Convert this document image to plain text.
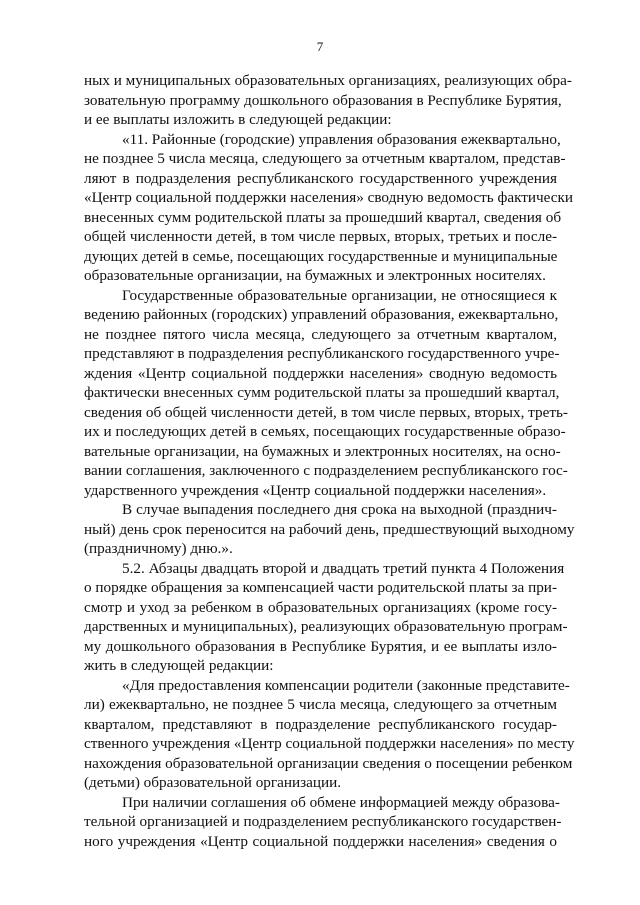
7
ных и муниципальных образовательных организациях, реализующих обра-
зовательную программу дошкольного образования в Республике Бурятия,
и ее выплаты изложить в следующей редакции:
«11. Районные (городские) управления образования ежеквартально,
не позднее 5 числа месяца, следующего за отчетным кварталом, представ-
ляют в подразделения республиканского государственного учреждения
«Центр социальной поддержки населения» сводную ведомость фактически
внесенных сумм родительской платы за прошедший квартал, сведения об
общей численности детей, в том числе первых, вторых, третьих и после-
дующих детей в семье, посещающих государственные и муниципальные
образовательные организации, на бумажных и электронных носителях.
Государственные образовательные организации, не относящиеся к
ведению районных (городских) управлений образования, ежеквартально,
не позднее пятого числа месяца, следующего за отчетным кварталом,
представляют в подразделения республиканского государственного учре-
ждения «Центр социальной поддержки населения» сводную ведомость
фактически внесенных сумм родительской платы за прошедший квартал,
сведения об общей численности детей, в том числе первых, вторых, треть-
их и последующих детей в семьях, посещающих государственные образо-
вательные организации, на бумажных и электронных носителях, на осно-
вании соглашения, заключенного с подразделением республиканского гос-
ударственного учреждения «Центр социальной поддержки населения».
В случае выпадения последнего дня срока на выходной (празднич-
ный) день срок переносится на рабочий день, предшествующий выходному
(праздничному) дню.».
5.2. Абзацы двадцать второй и двадцать третий пункта 4 Положения
о порядке обращения за компенсацией части родительской платы за при-
смотр и уход за ребенком в образовательных организациях (кроме госу-
дарственных и муниципальных), реализующих образовательную програм-
му дошкольного образования в Республике Бурятия, и ее выплаты изло-
жить в следующей редакции:
«Для предоставления компенсации родители (законные представите-
ли) ежеквартально, не позднее 5 числа месяца, следующего за отчетным
кварталом, представляют в подразделение республиканского государ-
ственного учреждения «Центр социальной поддержки населения» по месту
нахождения образовательной организации сведения о посещении ребенком
(детьми) образовательной организации.
При наличии соглашения об обмене информацией между образова-
тельной организацией и подразделением республиканского государствен-
ного учреждения «Центр социальной поддержки населения» сведения о
